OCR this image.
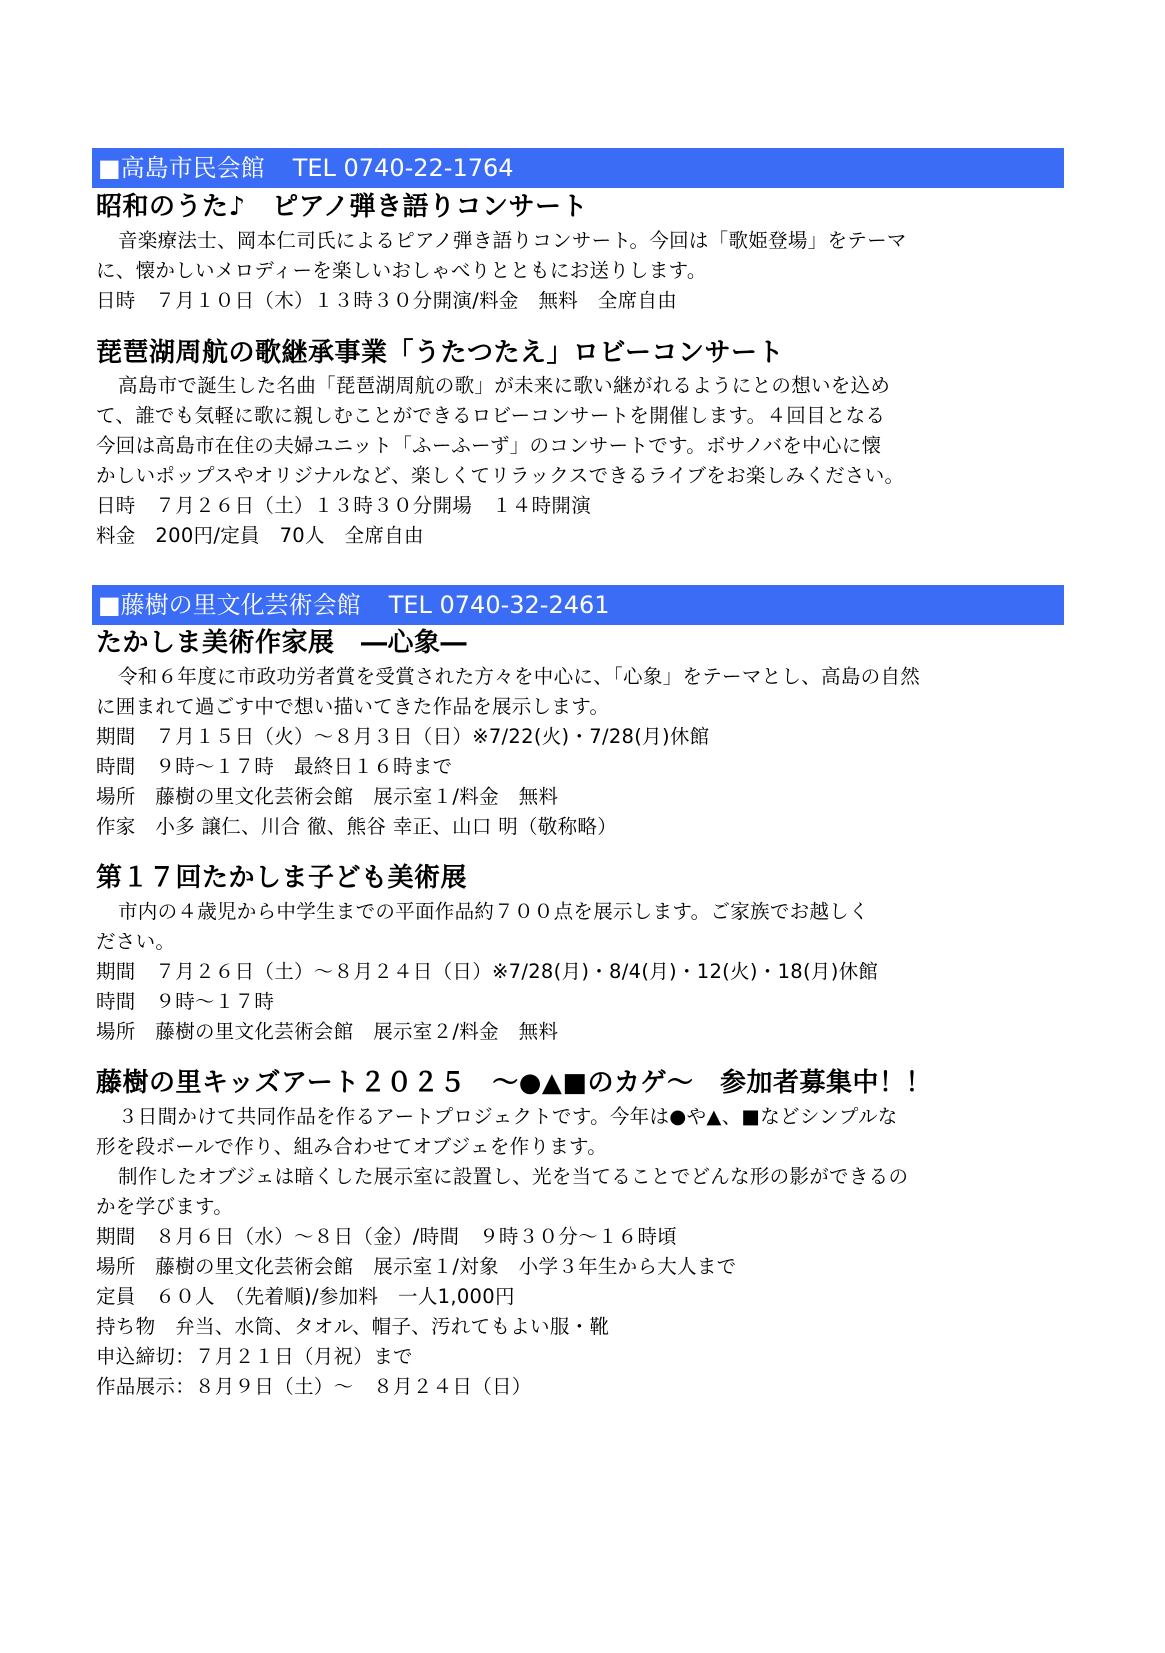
■高島市民会館 TEL 0740-22-1764
昭和のうた♪　ピアノ弾き語りコンサート
音楽療法士、岡本仁司氏によるピアノ弾き語りコンサート。今回は「歌姫登場」をテーマ
に、懐かしいメロディーを楽しいおしゃべりとともにお送りします。
日時　７月１０日（木）１３時３０分開演/料金　無料　全席自由
琵琶湖周航の歌継承事業「うたつたえ」ロビーコンサート
高島市で誕生した名曲「琵琶湖周航の歌」が未来に歌い継がれるようにとの想いを込め
て、誰でも気軽に歌に親しむことができるロビーコンサートを開催します。４回目となる
今回は高島市在住の夫婦ユニット「ふーふーず」のコンサートです。ボサノバを中心に懐
かしいポップスやオリジナルなど、楽しくてリラックスできるライブをお楽しみください。
日時　７月２６日（土）１３時３０分開場　１４時開演
料金　200円/定員　70人　全席自由
■藤樹の里文化芸術会館 TEL 0740-32-2461
たかしま美術作家展　―心象―
令和６年度に市政功労者賞を受賞された方々を中心に、「心象」をテーマとし、高島の自然
に囲まれて過ごす中で想い描いてきた作品を展示します。
期間　７月１５日（火）～８月３日（日）※7/22(火)・7/28(月)休館
時間　９時～１７時　最終日１６時まで
場所　藤樹の里文化芸術会館　展示室１/料金　無料
作家　小多 譲仁、川合 徹、熊谷 幸正、山口 明（敬称略）
第１７回たかしま子ども美術展
市内の４歳児から中学生までの平面作品約７００点を展示します。ご家族でお越しく
ださい。
期間　７月２６日（土）～８月２４日（日）※7/28(月)・8/4(月)・12(火)・18(月)休館
時間　９時～１７時
場所　藤樹の里文化芸術会館　展示室２/料金　無料
藤樹の里キッズアート２０２５　～●▲■のカゲ～　参加者募集中！！
３日間かけて共同作品を作るアートプロジェクトです。今年は●や▲、■などシンプルな
形を段ボールで作り、組み合わせてオブジェを作ります。
制作したオブジェは暗くした展示室に設置し、光を当てることでどんな形の影ができるの
かを学びます。
期間　８月６日（水）～８日（金）/時間　９時３０分～１６時頃
場所　藤樹の里文化芸術会館　展示室１/対象　小学３年生から大人まで
定員　６０人　（先着順)/参加料　一人1,000円
持ち物　弁当、水筒、タオル、帽子、汚れてもよい服・靴
申込締切：７月２１日（月祝）まで
作品展示：８月９日（土）～　８月２４日（日）
